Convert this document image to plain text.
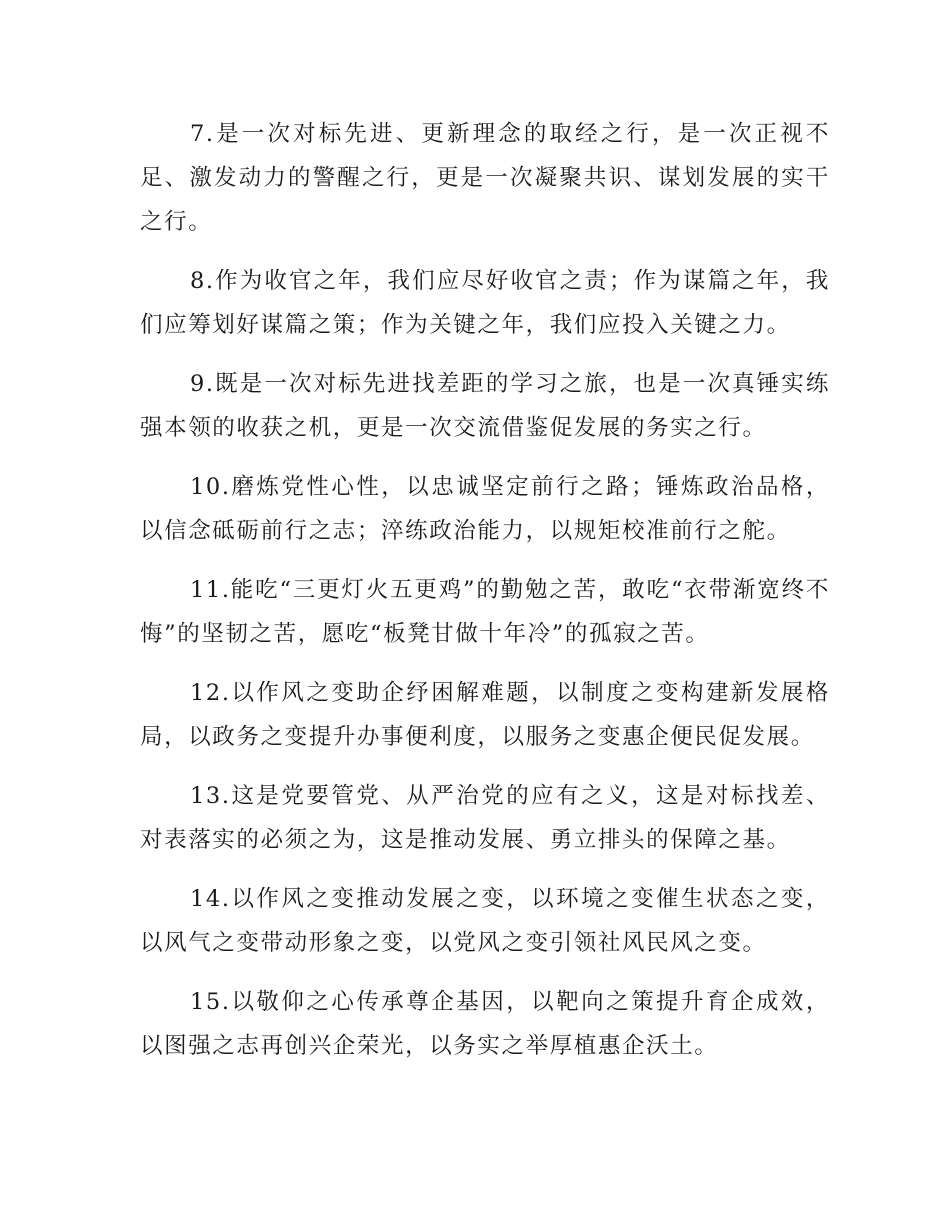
7.是一次对标先进、更新理念的取经之行，是一次正视不足、激发动力的警醒之行，更是一次凝聚共识、谋划发展的实干之行。

8.作为收官之年，我们应尽好收官之责；作为谋篇之年，我们应筹划好谋篇之策；作为关键之年，我们应投入关键之力。

9.既是一次对标先进找差距的学习之旅，也是一次真锤实练强本领的收获之机，更是一次交流借鉴促发展的务实之行。

10.磨炼党性心性，以忠诚坚定前行之路；锤炼政治品格，以信念砥砺前行之志；淬练政治能力，以规矩校准前行之舵。

11.能吃“三更灯火五更鸡”的勤勉之苦，敢吃“衣带渐宽终不悔”的坚韧之苦，愿吃“板凳甘做十年冷”的孤寂之苦。

12.以作风之变助企纾困解难题，以制度之变构建新发展格局，以政务之变提升办事便利度，以服务之变惠企便民促发展。

13.这是党要管党、从严治党的应有之义，这是对标找差、对表落实的必须之为，这是推动发展、勇立排头的保障之基。

14.以作风之变推动发展之变，以环境之变催生状态之变，以风气之变带动形象之变，以党风之变引领社风民风之变。

15.以敬仰之心传承尊企基因，以靶向之策提升育企成效，以图强之志再创兴企荣光，以务实之举厚植惠企沃土。
